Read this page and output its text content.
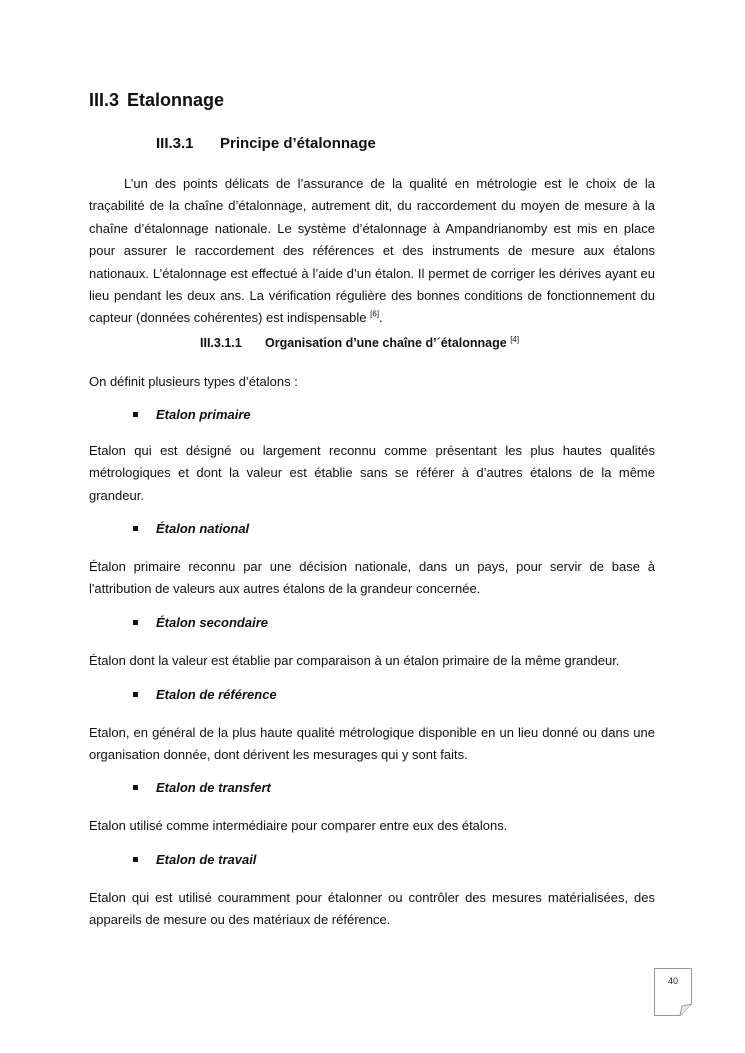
III.3 Etalonnage
III.3.1 Principe d’étalonnage

L’un des points délicats de l’assurance de la qualité en métrologie est le choix de la traçabilité de la chaîne d’étalonnage, autrement dit, du raccordement du moyen de mesure à la chaîne d’étalonnage nationale. Le système d’étalonnage à Ampandrianomby est mis en place pour assurer le raccordement des références et des instruments de mesure aux étalons nationaux. L’étalonnage est effectué à l’aide d’un étalon. Il permet de corriger les dérives ayant eu lieu pendant les deux ans. La vérification régulière des bonnes conditions de fonctionnement du capteur (données cohérentes) est indispensable [6].

III.3.1.1 Organisation d’une chaîne d’´étalonnage [4]

On définit plusieurs types d’étalons :

Etalon primaire

Etalon qui est désigné ou largement reconnu comme présentant les plus hautes qualités métrologiques et dont la valeur est établie sans se référer à d’autres étalons de la même grandeur.

Étalon national

Étalon primaire reconnu par une décision nationale, dans un pays, pour servir de base à l'attribution de valeurs aux autres étalons de la grandeur concernée.

Étalon secondaire

Étalon dont la valeur est établie par comparaison à un étalon primaire de la même grandeur.

Etalon de référence

Etalon, en général de la plus haute qualité métrologique disponible en un lieu donné ou dans une organisation donnée, dont dérivent les mesurages qui y sont faits.

Etalon de transfert

Etalon utilisé comme intermédiaire pour comparer entre eux des étalons.

Etalon de travail

Etalon qui est utilisé couramment pour étalonner ou contrôler des mesures matérialisées, des appareils de mesure ou des matériaux de référence.

40
